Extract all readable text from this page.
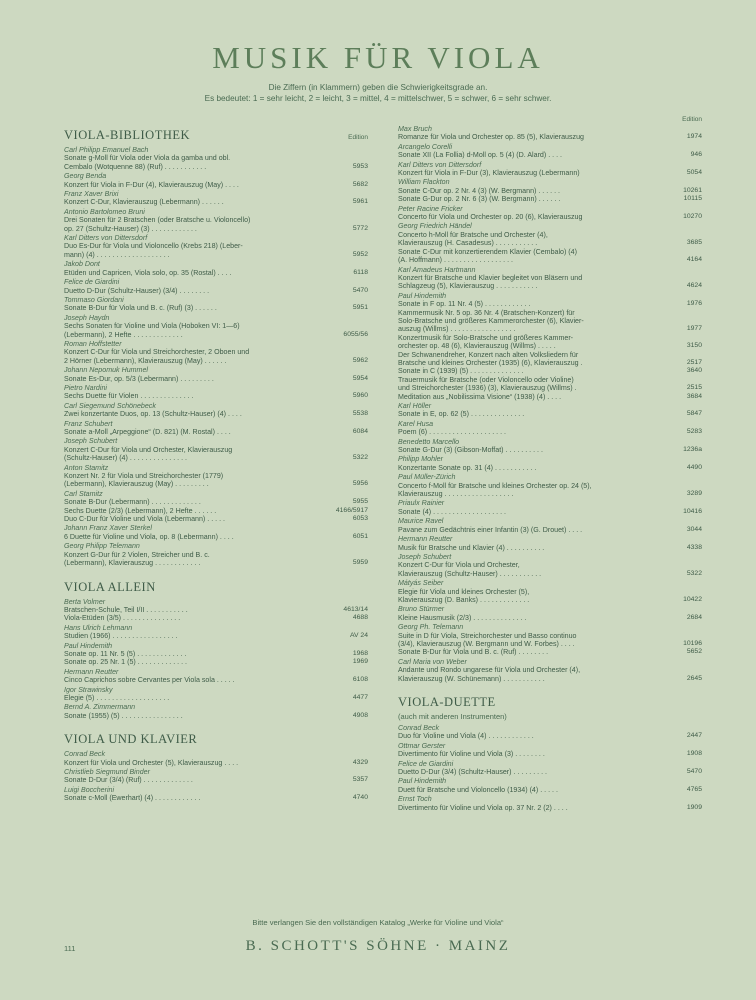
MUSIK FÜR VIOLA
Die Ziffern (in Klammern) geben die Schwierigkeitsgrade an.
Es bedeutet: 1 = sehr leicht, 2 = leicht, 3 = mittel, 4 = mittelschwer, 5 = schwer, 6 = sehr schwer.
VIOLA-BIBLIOTHEK	Edition
Carl Philipp Emanuel Bach
Sonate g-Moll für Viola oder Viola da gamba und obl.
Cembalo (Wotquenne 88) (Ruf) . . . . . . . . . . .	5953
Georg Benda
Konzert für Viola in F-Dur (4), Klavierauszug (May) . . . .	5682
Franz Xaver Brixi
Konzert C-Dur, Klavierauszug (Lebermann) . . . . . .	5961
Antonio Bartolomeo Bruni
Drei Sonaten für 2 Bratschen (oder Bratsche u. Violoncello)
op. 27 (Schultz-Hauser) (3) . . . . . . . . . . . .	5772
Karl Ditters von Dittersdorf
Duo Es-Dur für Viola und Violoncello (Krebs 218) (Leber-
mann) (4) . . . . . . . . . . . . . . . . . . .	5952
Jakob Dont
Etüden und Capricen, Viola solo, op. 35 (Rostal) . . . .	6118
Felice de Giardini
Duetto D-Dur (Schultz-Hauser) (3/4) . . . . . . . .	5470
Tommaso Giordani
Sonate B-Dur für Viola und B. c. (Ruf) (3) . . . . . .	5951
Joseph Haydn
Sechs Sonaten für Violine und Viola (Hoboken VI: 1—6)
(Lebermann), 2 Hefte . . . . . . . . . . . . .	6055/56
Roman Hoffstetter
Konzert C-Dur für Viola und Streichorchester, 2 Oboen und
2 Hörner (Lebermann), Klavierauszug (May) . . . . . .	5962
Johann Nepomuk Hummel
Sonate Es-Dur, op. 5/3 (Lebermann) . . . . . . . . .	5954
Pietro Nardini
Sechs Duette für Violen . . . . . . . . . . . . . .	5960
Carl Siegemund Schönebeck
Zwei konzertante Duos, op. 13 (Schultz-Hauser) (4) . . . .	5538
Franz Schubert
Sonate a-Moll „Arpeggione“ (D. 821) (M. Rostal) . . . .	6084
Joseph Schubert
Konzert C-Dur für Viola und Orchester, Klavierauszug
(Schultz-Hauser) (4) . . . . . . . . . . . . . . .	5322
Anton Stamitz
Konzert Nr. 2 für Viola und Streichorchester (1779)
(Lebermann), Klavierauszug (May) . . . . . . . . .	5956
Carl Stamitz
Sonate B-Dur (Lebermann) . . . . . . . . . . . . .	5955
Sechs Duette (2/3) (Lebermann), 2 Hefte . . . . . .	4166/5917
Duo C-Dur für Violine und Viola (Lebermann) . . . . .	6053
Johann Franz Xaver Sterkel
6 Duette für Violine und Viola, op. 8 (Lebermann) . . . .	6051
Georg Philipp Telemann
Konzert G-Dur für 2 Violen, Streicher und B. c.
(Lebermann), Klavierauszug . . . . . . . . . . . .	5959
VIOLA ALLEIN
Berta Volmer
Bratschen-Schule, Teil I/II . . . . . . . . . . .	4613/14
Viola-Etüden (3/5) . . . . . . . . . . . . . . .	4688
Hans Ulrich Lehmann
Studien (1966) . . . . . . . . . . . . . . . . .	AV 24
Paul Hindemith
Sonate op. 11 Nr. 5 (5) . . . . . . . . . . . . .	1968
Sonate op. 25 Nr. 1 (5) . . . . . . . . . . . . .	1969
Hermann Reutter
Cinco Caprichos sobre Cervantes per Viola sola . . . . .	6108
Igor Strawinsky
Elegie (5) . . . . . . . . . . . . . . . . . . .	4477
Bernd A. Zimmermann
Sonate (1955) (5) . . . . . . . . . . . . . . . .	4908
VIOLA UND KLAVIER
Conrad Beck
Konzert für Viola und Orchester (5), Klavierauszug . . . .	4329
Christlieb Siegmund Binder
Sonate D-Dur (3/4) (Ruf) . . . . . . . . . . . . .	5357
Luigi Boccherini
Sonate c-Moll (Ewerhart) (4) . . . . . . . . . . . .	4740
Edition
Max Bruch
Romanze für Viola und Orchester op. 85 (5), Klavierauszug	1974
Arcangelo Corelli
Sonate XII (La Follia) d-Moll op. 5 (4) (D. Alard) . . . .	946
Karl Ditters von Dittersdorf
Konzert für Viola in F-Dur (3), Klavierauszug (Lebermann)	5054
William Flackton
Sonate C-Dur op. 2 Nr. 4 (3) (W. Bergmann) . . . . . .	10261
Sonate G-Dur op. 2 Nr. 6 (3) (W. Bergmann) . . . . . .	10115
Peter Racine Fricker
Concerto für Viola und Orchester op. 20 (6), Klavierauszug	10270
Georg Friedrich Händel
Concerto h-Moll für Bratsche und Orchester (4),
Klavierauszug (H. Casadesus) . . . . . . . . . . .	3685
Sonate C-Dur mit konzertierendem Klavier (Cembalo) (4)
(A. Hoffmann) . . . . . . . . . . . . . . . . . .	4164
Karl Amadeus Hartmann
Konzert für Bratsche und Klavier begleitet von Bläsern und
Schlagzeug (5), Klavierauszug . . . . . . . . . . .	4624
Paul Hindemith
Sonate in F op. 11 Nr. 4 (5) . . . . . . . . . . . .	1976
Kammermusik Nr. 5 op. 36 Nr. 4 (Bratschen-Konzert) für
Solo-Bratsche und größeres Kammerorchester (6), Klavier-
auszug (Willms) . . . . . . . . . . . . . . . . .	1977
Konzertmusik für Solo-Bratsche und größeres Kammer-
orchester op. 48 (6), Klavierauszug (Willms) . . . . .	3150
Der Schwanendreher, Konzert nach alten Volksliedern für
Bratsche und kleines Orchester (1935) (6), Klavierauszug .	2517
Sonate in C (1939) (5) . . . . . . . . . . . . . .	3640
Trauermusik für Bratsche (oder Violoncello oder Violine)
und Streichorchester (1936) (3), Klavierauszug (Willms) .	2515
Meditation aus „Nobilissima Visione“ (1938) (4) . . . .	3684
Karl Höller
Sonate in E, op. 62 (5) . . . . . . . . . . . . . .	5847
Karel Husa
Poem (6) . . . . . . . . . . . . . . . . . . . .	5283
Benedetto Marcello
Sonate G-Dur (3) (Gibson-Moffat) . . . . . . . . . .	1236a
Philipp Mohler
Konzertante Sonate op. 31 (4) . . . . . . . . . . .	4490
Paul Müller-Zürich
Concerto f-Moll für Bratsche und kleines Orchester op. 24 (5),
Klavierauszug . . . . . . . . . . . . . . . . . .	3289
Priaulx Rainier
Sonate (4) . . . . . . . . . . . . . . . . . . .	10416
Maurice Ravel
Pavane zum Gedächtnis einer Infantin (3) (G. Drouet) . . . .	3044
Hermann Reutter
Musik für Bratsche und Klavier (4) . . . . . . . . . .	4338
Joseph Schubert
Konzert C-Dur für Viola und Orchester,
Klavierauszug (Schultz-Hauser) . . . . . . . . . . .	5322
Mátyás Seiber
Elegie für Viola und kleines Orchester (5),
Klavierauszug (D. Banks) . . . . . . . . . . . . .	10422
Bruno Stürmer
Kleine Hausmusik (2/3) . . . . . . . . . . . . . .	2684
Georg Ph. Telemann
Suite in D für Viola, Streichorchester und Basso continuo
(3/4), Klavierauszug (W. Bergmann und W. Forbes) . . . .	10196
Sonate B-Dur für Viola und B. c. (Ruf) . . . . . . . .	5652
Carl Maria von Weber
Andante und Rondo ungarese für Viola und Orchester (4),
Klavierauszug (W. Schünemann) . . . . . . . . . . .	2645
VIOLA-DUETTE
(auch mit anderen Instrumenten)
Conrad Beck
Duo für Violine und Viola (4) . . . . . . . . . . . .	2447
Ottmar Gerster
Divertimento für Violine und Viola (3) . . . . . . . .	1908
Felice de Giardini
Duetto D-Dur (3/4) (Schultz-Hauser) . . . . . . . . .	5470
Paul Hindemith
Duett für Bratsche und Violoncello (1934) (4) . . . . .	4765
Ernst Toch
Divertimento für Violine und Viola op. 37 Nr. 2 (2) . . . .	1909
Bitte verlangen Sie den vollständigen Katalog „Werke für Violine und Viola“
111	B. SCHOTT'S SÖHNE · MAINZ
